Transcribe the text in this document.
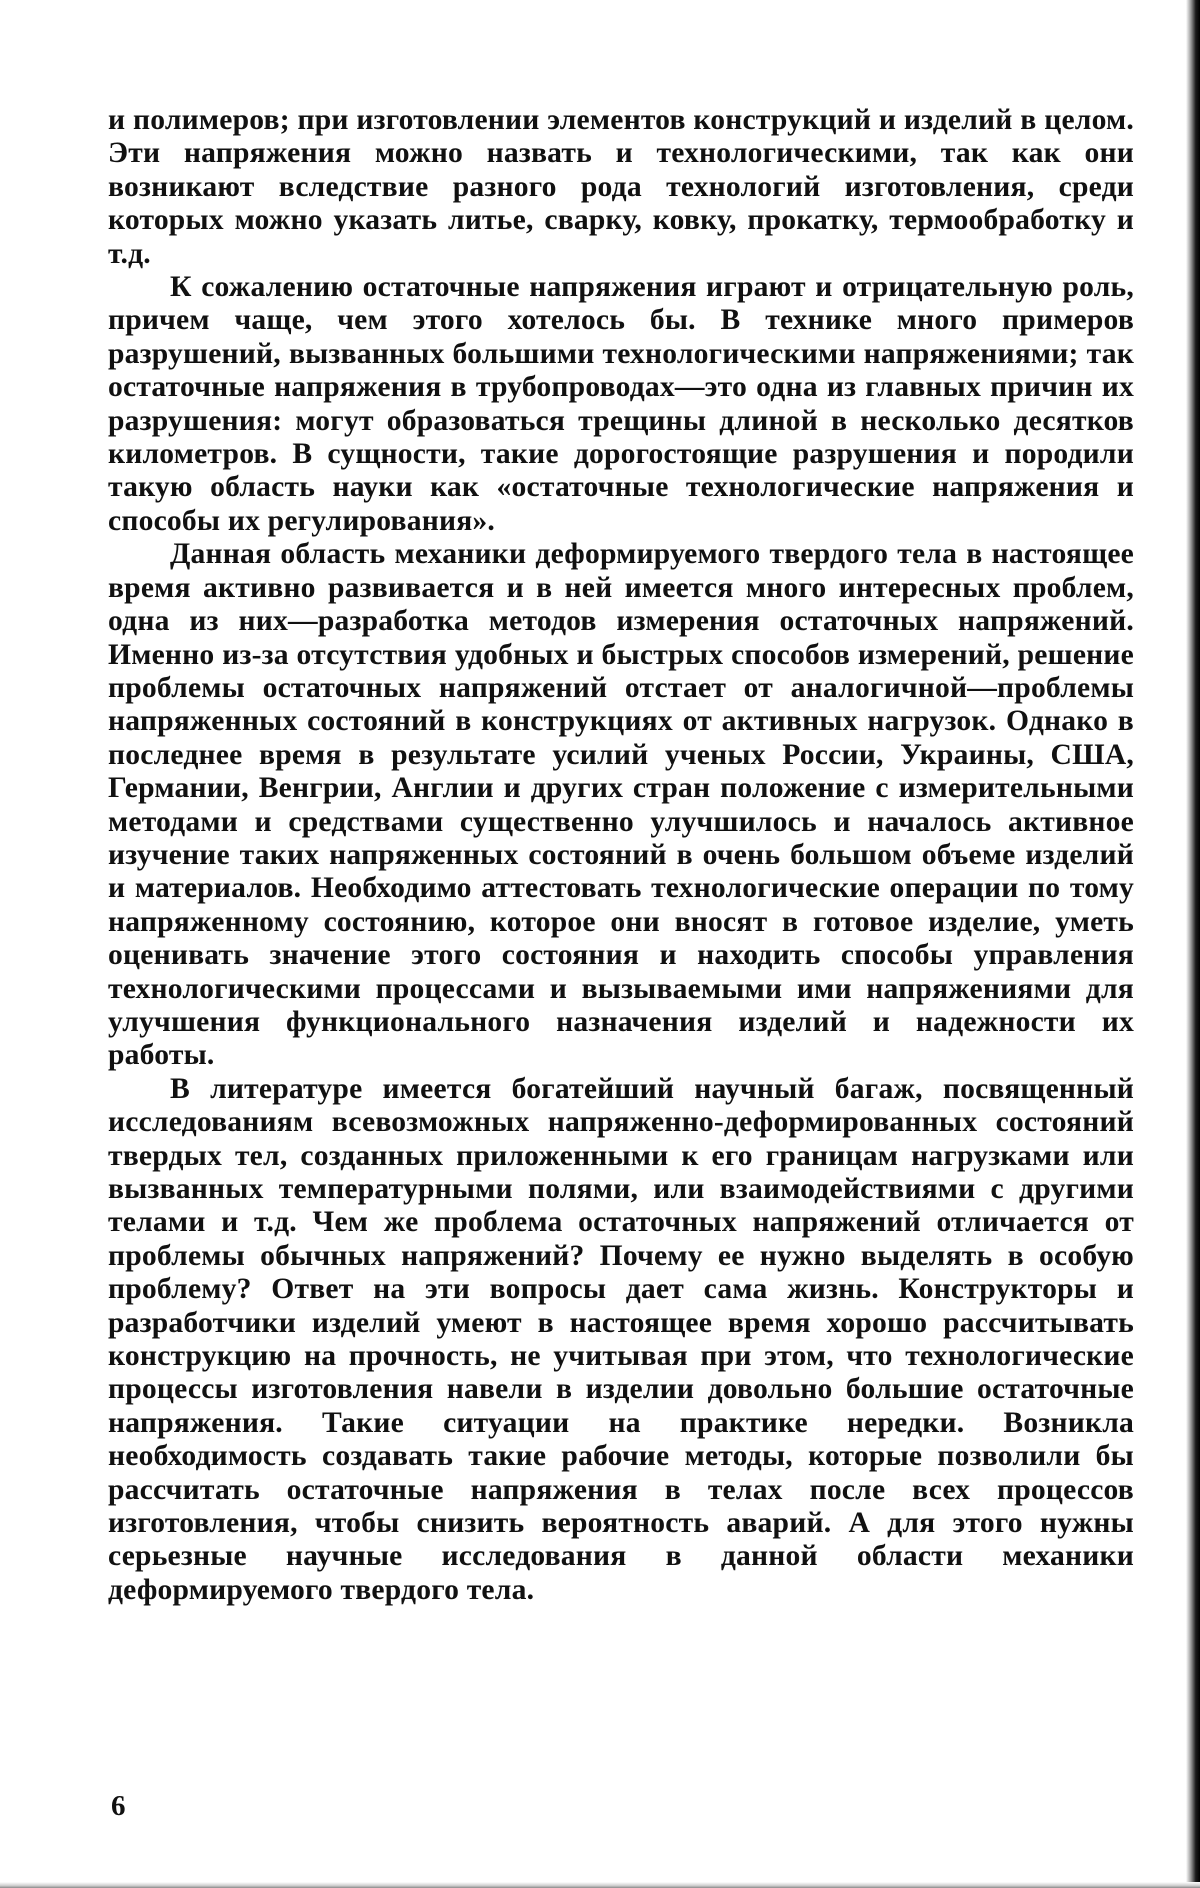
и полимеров; при изготовлении элементов конструкций и изделий в целом. Эти напряжения можно назвать и технологическими, так как они возникают вследствие разного рода технологий изготовления, среди которых можно указать литье, сварку, ковку, прокатку, термообработку и т.д.

К сожалению остаточные напряжения играют и отрицательную роль, причем чаще, чем этого хотелось бы. В технике много примеров разрушений, вызванных большими технологическими напряжениями; так остаточные напряжения в трубопроводах—это одна из главных причин их разрушения: могут образоваться трещины длиной в несколько десятков километров. В сущности, такие дорогостоящие разрушения и породили такую область науки как «остаточные технологические напряжения и способы их регулирования».

Данная область механики деформируемого твердого тела в настоящее время активно развивается и в ней имеется много интересных проблем, одна из них—разработка методов измерения остаточных напряжений. Именно из-за отсутствия удобных и быстрых способов измерений, решение проблемы остаточных напряжений отстает от аналогичной—проблемы напряженных состояний в конструкциях от активных нагрузок. Однако в последнее время в результате усилий ученых России, Украины, США, Германии, Венгрии, Англии и других стран положение с измерительными методами и средствами существенно улучшилось и началось активное изучение таких напряженных состояний в очень большом объеме изделий и материалов. Необходимо аттестовать технологические операции по тому напряженному состоянию, которое они вносят в готовое изделие, уметь оценивать значение этого состояния и находить способы управления технологическими процессами и вызываемыми ими напряжениями для улучшения функционального назначения изделий и надежности их работы.

В литературе имеется богатейший научный багаж, посвященный исследованиям всевозможных напряженно-деформированных состояний твердых тел, созданных приложенными к его границам нагрузками или вызванных температурными полями, или взаимодействиями с другими телами и т.д. Чем же проблема остаточных напряжений отличается от проблемы обычных напряжений? Почему ее нужно выделять в особую проблему? Ответ на эти вопросы дает сама жизнь. Конструкторы и разработчики изделий умеют в настоящее время хорошо рассчитывать конструкцию на прочность, не учитывая при этом, что технологические процессы изготовления навели в изделии довольно большие остаточные напряжения. Такие ситуации на практике нередки. Возникла необходимость создавать такие рабочие методы, которые позволили бы рассчитать остаточные напряжения в телах после всех процессов изготовления, чтобы снизить вероятность аварий. А для этого нужны серьезные научные исследования в данной области механики деформируемого твердого тела.

6
